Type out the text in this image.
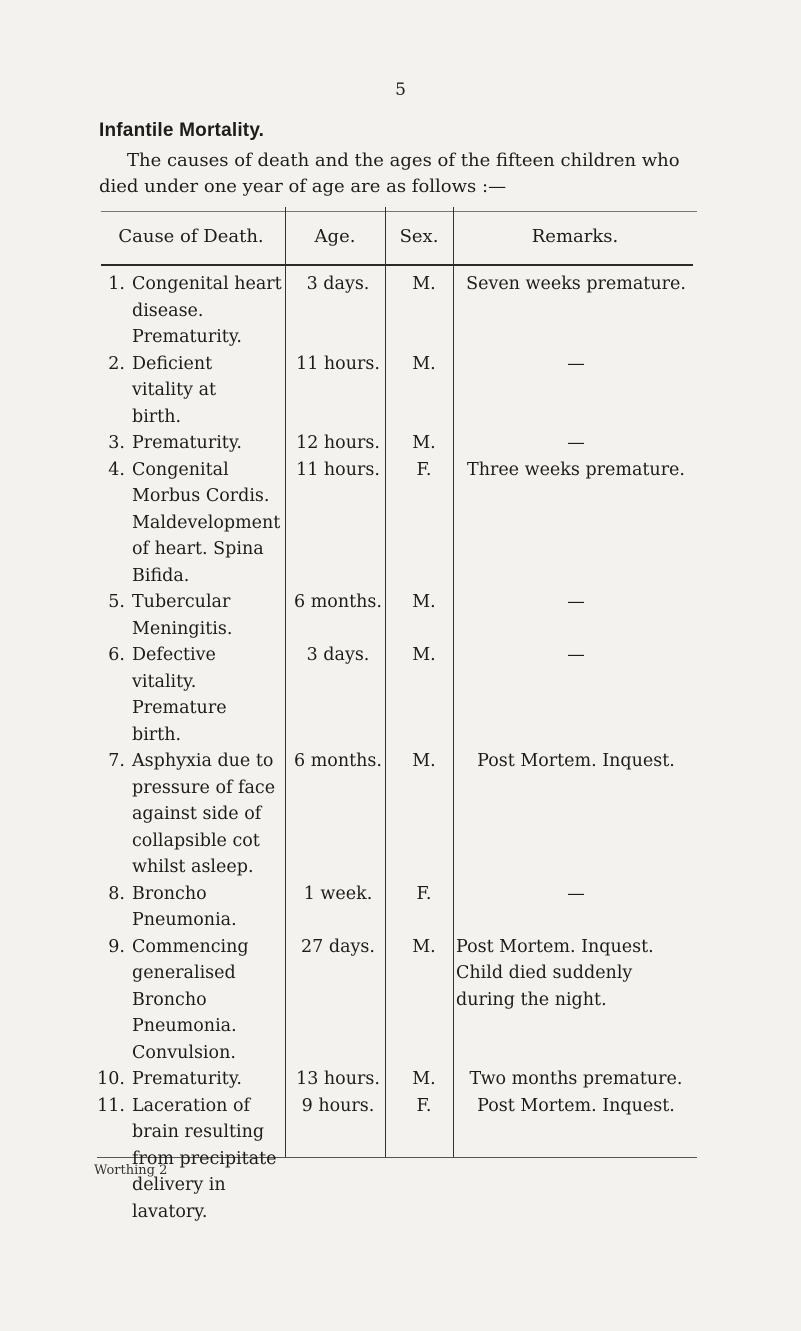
5
Infantile Mortality.
The causes of death and the ages of the fifteen children who
died under one year of age are as follows :—
Cause of Death.	Age.	Sex.	Remarks.
1. Congenital heart
disease.
Prematurity.
3 days.	M.	Seven weeks premature.
2. Deficient
vitality at
birth.
11 hours.	M.	—
3. Prematurity.	12 hours.	M.	—
4. Congenital
Morbus Cordis.
Maldevelopment
of heart. Spina
Bifida.
11 hours.	F.	Three weeks premature.
5. Tubercular
Meningitis.
6 months.	M.	—
6. Defective
vitality.
Premature
birth.
3 days.	M.	—
7. Asphyxia due to
pressure of face
against side of
collapsible cot
whilst asleep.
6 months.	M.	Post Mortem. Inquest.
8. Broncho
Pneumonia.
1 week.	F.	—
9. Commencing
generalised
Broncho
Pneumonia.
Convulsion.
27 days.	M.	Post Mortem. Inquest.
Child died suddenly
during the night.
10. Prematurity.	13 hours.	M.	Two months premature.
11. Laceration of
brain resulting
from precipitate
delivery in
lavatory.
9 hours.	F.	Post Mortem. Inquest.
Worthing 2
